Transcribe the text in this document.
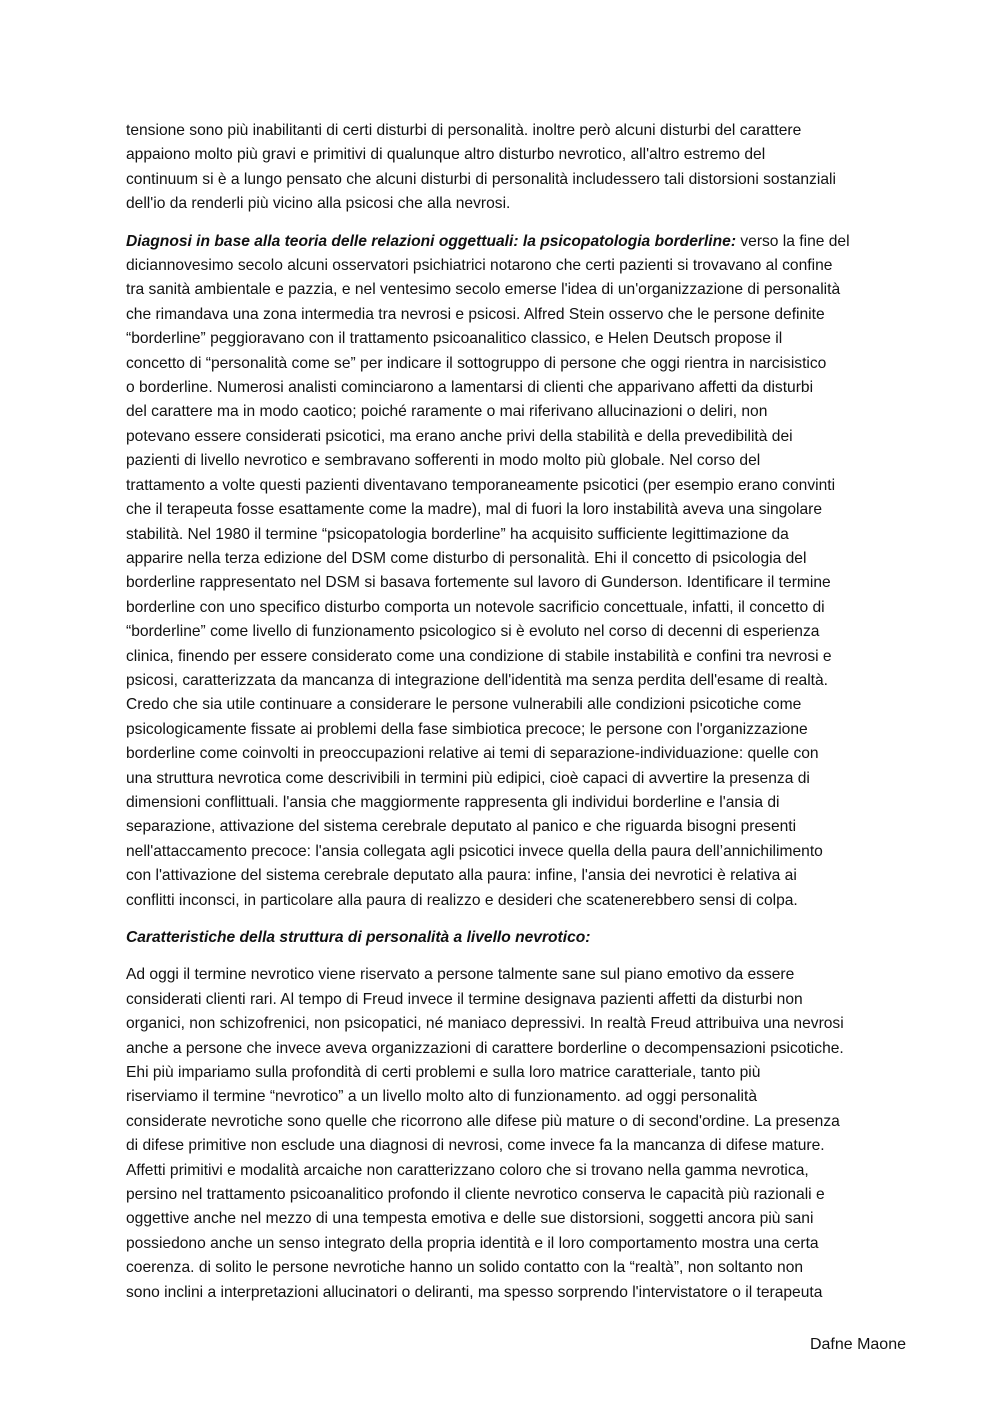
tensione sono più inabilitanti di certi disturbi di personalità. inoltre però alcuni disturbi del carattere
appaiono molto più gravi e primitivi di qualunque altro disturbo nevrotico, all'altro estremo del
continuum si è a lungo pensato che alcuni disturbi di personalità includessero tali distorsioni sostanziali
dell'io da renderli più vicino alla psicosi che alla nevrosi.

Diagnosi in base alla teoria delle relazioni oggettuali: la psicopatologia borderline: verso la fine del
diciannovesimo secolo alcuni osservatori psichiatrici notarono che certi pazienti si trovavano al confine
tra sanità ambientale e pazzia, e nel ventesimo secolo emerse l'idea di un'organizzazione di personalità
che rimandava una zona intermedia tra nevrosi e psicosi. Alfred Stein osservo che le persone definite
“borderline” peggioravano con il trattamento psicoanalitico classico, e Helen Deutsch propose il
concetto di “personalità come se” per indicare il sottogruppo di persone che oggi rientra in narcisistico
o borderline. Numerosi analisti cominciarono a lamentarsi di clienti che apparivano affetti da disturbi
del carattere ma in modo caotico; poiché raramente o mai riferivano allucinazioni o deliri, non
potevano essere considerati psicotici, ma erano anche privi della stabilità e della prevedibilità dei
pazienti di livello nevrotico e sembravano sofferenti in modo molto più globale. Nel corso del
trattamento a volte questi pazienti diventavano temporaneamente psicotici (per esempio erano convinti
che il terapeuta fosse esattamente come la madre), mal di fuori la loro instabilità aveva una singolare
stabilità. Nel 1980 il termine “psicopatologia borderline” ha acquisito sufficiente legittimazione da
apparire nella terza edizione del DSM come disturbo di personalità. Ehi il concetto di psicologia del
borderline rappresentato nel DSM si basava fortemente sul lavoro di Gunderson. Identificare il termine
borderline con uno specifico disturbo comporta un notevole sacrificio concettuale, infatti, il concetto di
“borderline” come livello di funzionamento psicologico si è evoluto nel corso di decenni di esperienza
clinica, finendo per essere considerato come una condizione di stabile instabilità e confini tra nevrosi e
psicosi, caratterizzata da mancanza di integrazione dell'identità ma senza perdita dell'esame di realtà.
Credo che sia utile continuare a considerare le persone vulnerabili alle condizioni psicotiche come
psicologicamente fissate ai problemi della fase simbiotica precoce; le persone con l'organizzazione
borderline come coinvolti in preoccupazioni relative ai temi di separazione-individuazione: quelle con
una struttura nevrotica come descrivibili in termini più edipici, cioè capaci di avvertire la presenza di
dimensioni conflittuali. l'ansia che maggiormente rappresenta gli individui borderline e l'ansia di
separazione, attivazione del sistema cerebrale deputato al panico e che riguarda bisogni presenti
nell'attaccamento precoce: l'ansia collegata agli psicotici invece quella della paura dell’annichilimento
con l'attivazione del sistema cerebrale deputato alla paura: infine, l'ansia dei nevrotici è relativa ai
conflitti inconsci, in particolare alla paura di realizzo e desideri che scatenerebbero sensi di colpa.

Caratteristiche della struttura di personalità a livello nevrotico:

Ad oggi il termine nevrotico viene riservato a persone talmente sane sul piano emotivo da essere
considerati clienti rari. Al tempo di Freud invece il termine designava pazienti affetti da disturbi non
organici, non schizofrenici, non psicopatici, né maniaco depressivi. In realtà Freud attribuiva una nevrosi
anche a persone che invece aveva organizzazioni di carattere borderline o decompensazioni psicotiche.
Ehi più impariamo sulla profondità di certi problemi e sulla loro matrice caratteriale, tanto più
riserviamo il termine “nevrotico” a un livello molto alto di funzionamento. ad oggi personalità
considerate nevrotiche sono quelle che ricorrono alle difese più mature o di second'ordine. La presenza
di difese primitive non esclude una diagnosi di nevrosi, come invece fa la mancanza di difese mature.
Affetti primitivi e modalità arcaiche non caratterizzano coloro che si trovano nella gamma nevrotica,
persino nel trattamento psicoanalitico profondo il cliente nevrotico conserva le capacità più razionali e
oggettive anche nel mezzo di una tempesta emotiva e delle sue distorsioni, soggetti ancora più sani
possiedono anche un senso integrato della propria identità e il loro comportamento mostra una certa
coerenza. di solito le persone nevrotiche hanno un solido contatto con la “realtà”, non soltanto non
sono inclini a interpretazioni allucinatori o deliranti, ma spesso sorprendo l'intervistatore o il terapeuta

Dafne Maone
